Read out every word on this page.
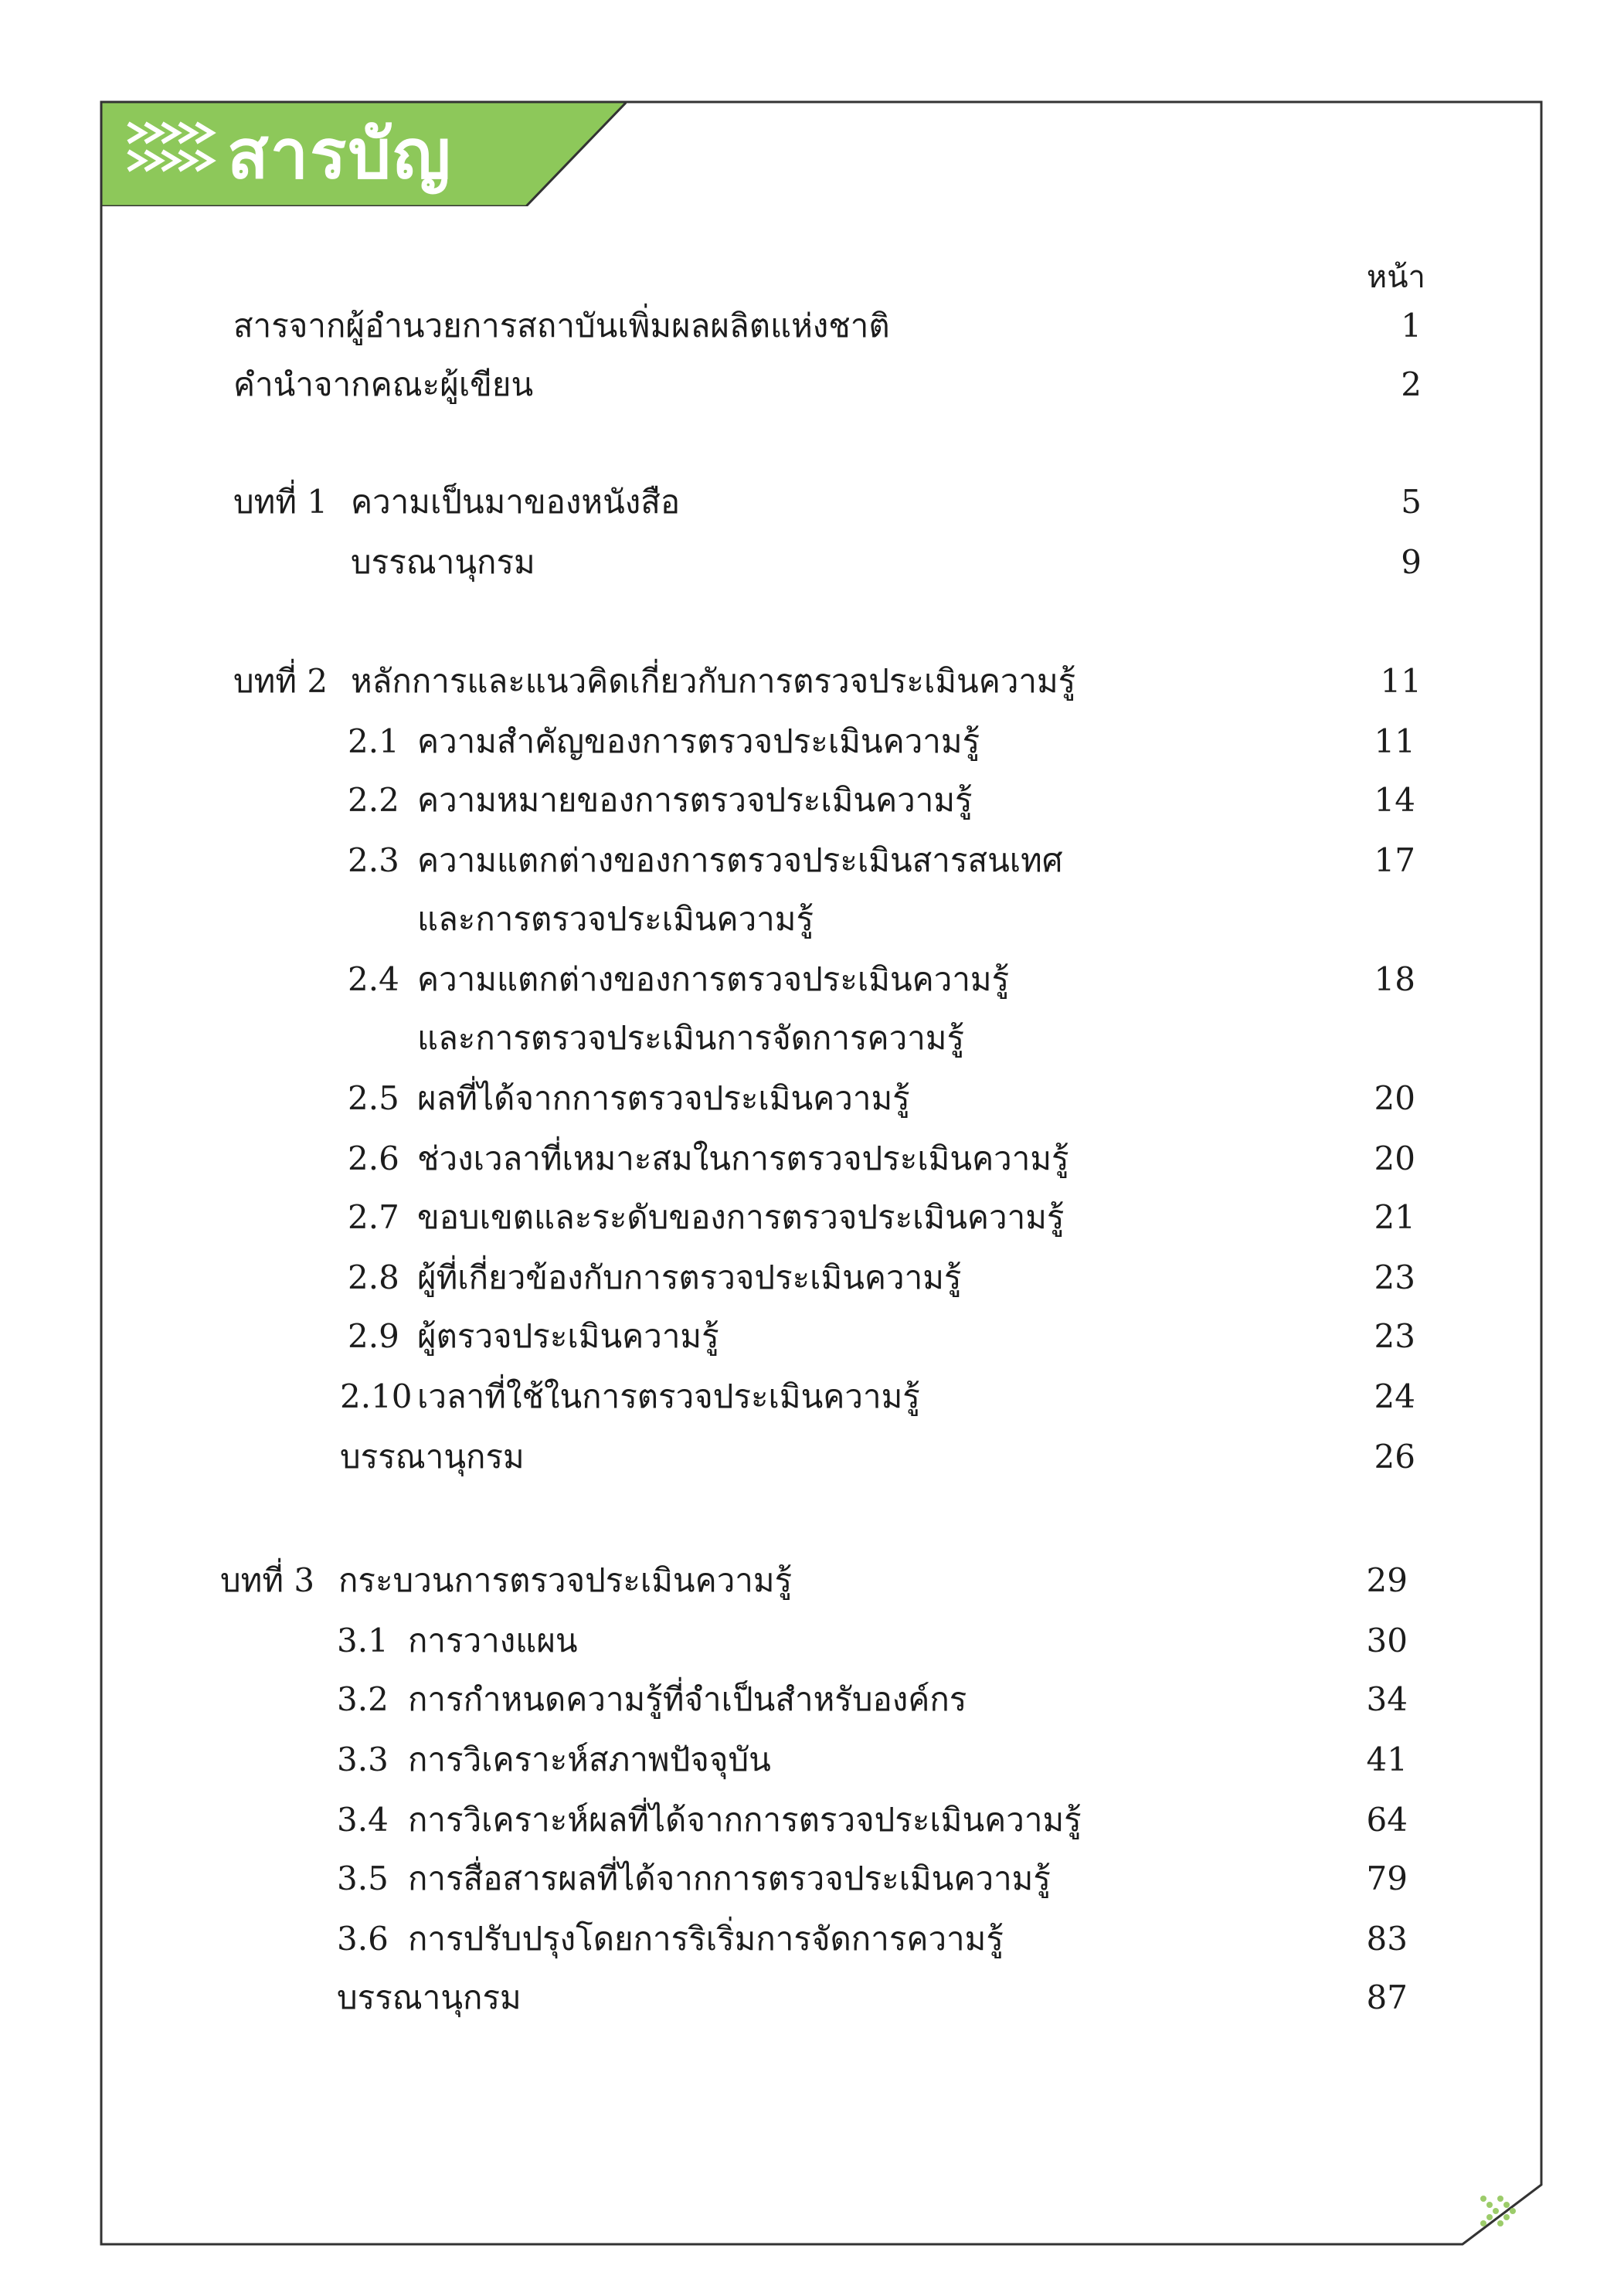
สารบัญ
หน้า
สารจากผู้อำนวยการสถาบันเพิ่มผลผลิตแห่งชาติ	1
คำนำจากคณะผู้เขียน	2
บทที่ 1 ความเป็นมาของหนังสือ	5
บรรณานุกรม	9
บทที่ 2 หลักการและแนวคิดเกี่ยวกับการตรวจประเมินความรู้	11
2.1 ความสำคัญของการตรวจประเมินความรู้	11
2.2 ความหมายของการตรวจประเมินความรู้	14
2.3 ความแตกต่างของการตรวจประเมินสารสนเทศ	17
และการตรวจประเมินความรู้
2.4 ความแตกต่างของการตรวจประเมินความรู้	18
และการตรวจประเมินการจัดการความรู้
2.5 ผลที่ได้จากการตรวจประเมินความรู้	20
2.6 ช่วงเวลาที่เหมาะสมในการตรวจประเมินความรู้	20
2.7 ขอบเขตและระดับของการตรวจประเมินความรู้	21
2.8 ผู้ที่เกี่ยวข้องกับการตรวจประเมินความรู้	23
2.9 ผู้ตรวจประเมินความรู้	23
2.10 เวลาที่ใช้ในการตรวจประเมินความรู้	24
บรรณานุกรม	26
บทที่ 3 กระบวนการตรวจประเมินความรู้	29
3.1 การวางแผน	30
3.2 การกำหนดความรู้ที่จำเป็นสำหรับองค์กร	34
3.3 การวิเคราะห์สภาพปัจจุบัน	41
3.4 การวิเคราะห์ผลที่ได้จากการตรวจประเมินความรู้	64
3.5 การสื่อสารผลที่ได้จากการตรวจประเมินความรู้	79
3.6 การปรับปรุงโดยการริเริ่มการจัดการความรู้	83
บรรณานุกรม	87
